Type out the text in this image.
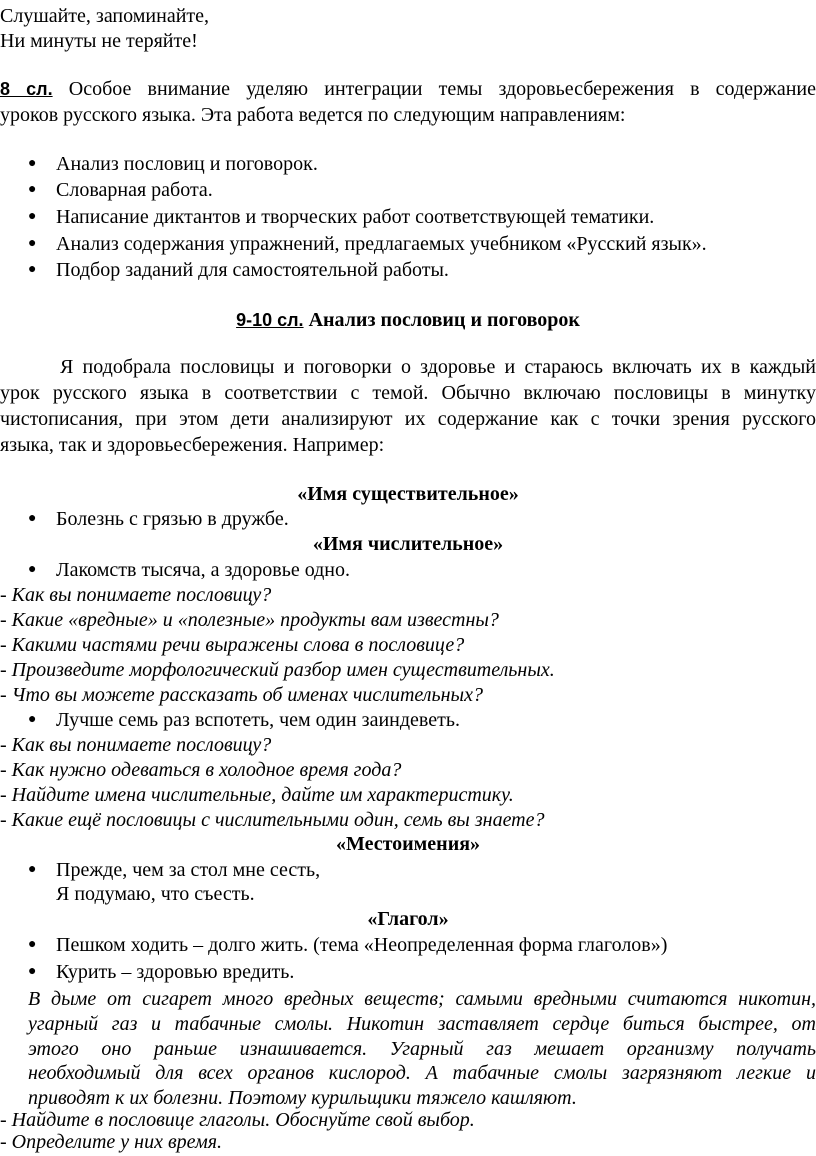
Слушайте, запоминайте,
Ни минуты не теряйте!
8 сл. Особое внимание уделяю интеграции темы здоровьесбережения в содержание
уроков русского языка. Эта работа ведется по следующим направлениям:
● Анализ пословиц и поговорок.
● Словарная работа.
● Написание диктантов и творческих работ соответствующей тематики.
● Анализ содержания упражнений, предлагаемых учебником «Русский язык».
● Подбор заданий для самостоятельной работы.
9-10 сл. Анализ пословиц и поговорок
Я подобрала пословицы и поговорки о здоровье и стараюсь включать их в каждый
урок русского языка в соответствии с темой. Обычно включаю пословицы в минутку
чистописания, при этом дети анализируют их содержание как с точки зрения русского
языка, так и здоровьесбережения. Например:
«Имя существительное»
● Болезнь с грязью в дружбе.
«Имя числительное»
● Лакомств тысяча, а здоровье одно.
- Как вы понимаете пословицу?
- Какие «вредные» и «полезные» продукты вам известны?
- Какими частями речи выражены слова в пословице?
- Произведите морфологический разбор имен существительных.
- Что вы можете рассказать об именах числительных?
● Лучше семь раз вспотеть, чем один заиндеветь.
- Как вы понимаете пословицу?
- Как нужно одеваться в холодное время года?
- Найдите имена числительные, дайте им характеристику.
- Какие ещё пословицы с числительными один, семь вы знаете?
«Местоимения»
● Прежде, чем за стол мне сесть,
Я подумаю, что съесть.
«Глагол»
● Пешком ходить – долго жить. (тема «Неопределенная форма глаголов»)
● Курить – здоровью вредить.
В дыме от сигарет много вредных веществ; самыми вредными считаются никотин,
угарный газ и табачные смолы. Никотин заставляет сердце биться быстрее, от
этого оно раньше изнашивается. Угарный газ мешает организму получать
необходимый для всех органов кислород. А табачные смолы загрязняют легкие и
приводят к их болезни. Поэтому курильщики тяжело кашляют.
- Найдите в пословице глаголы. Обоснуйте свой выбор.
- Определите у них время.
